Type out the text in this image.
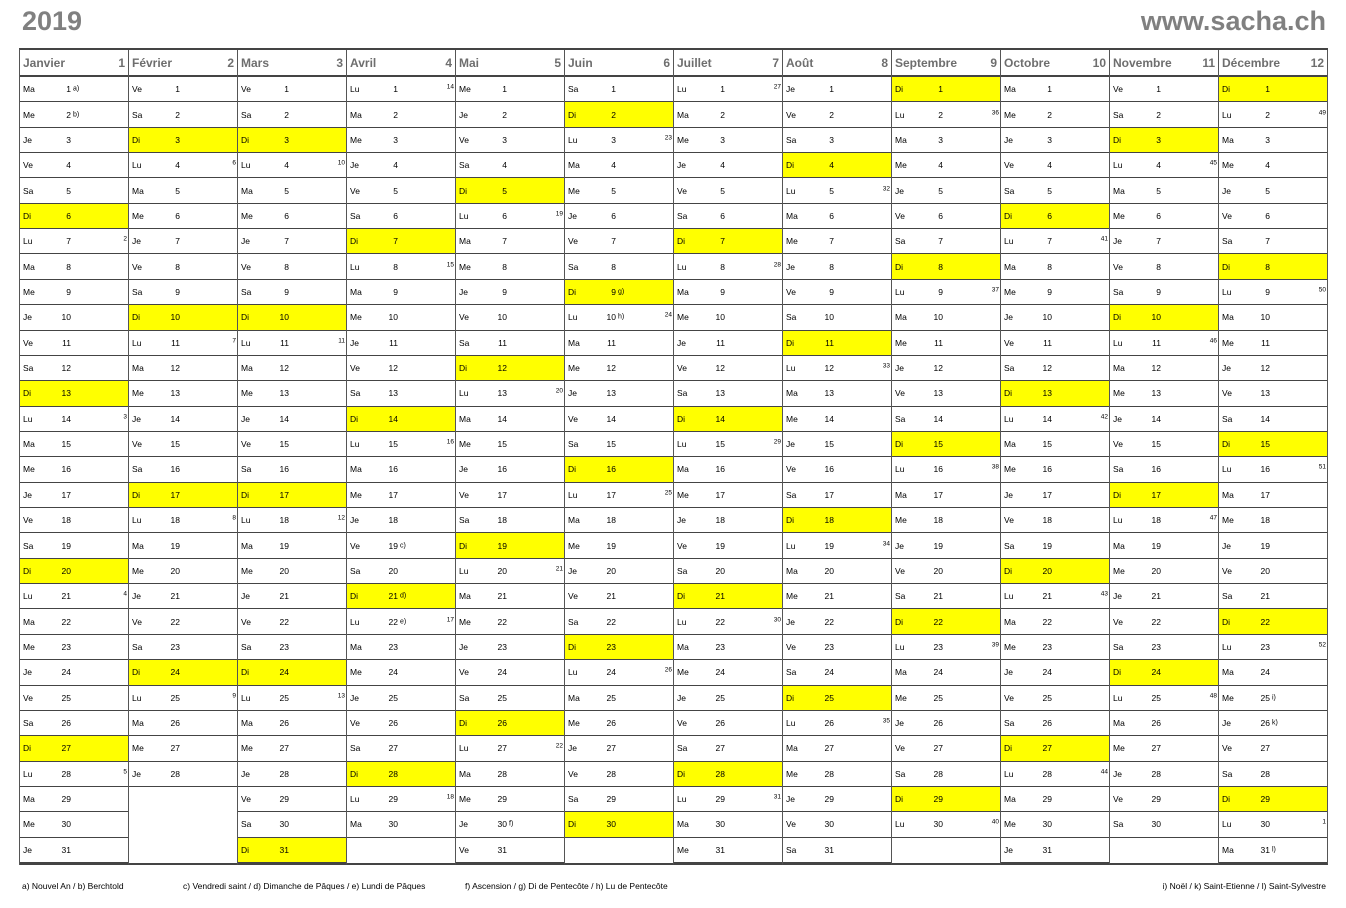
2019	www.sacha.ch
Janvier	1
Ma	1 a)
Me	2 b)
Je	3
Ve	4
Sa	5
Di	6
Lu	7	2
Ma	8
Me	9
Je	10
Ve	11
Sa	12
Di	13
Lu	14	3
Ma	15
Me	16
Je	17
Ve	18
Sa	19
Di	20
Lu	21	4
Ma	22
Me	23
Je	24
Ve	25
Sa	26
Di	27
Lu	28	5
Ma	29
Me	30
Je	31
Février	2
Ve	1
Sa	2
Di	3
Lu	4	6
Ma	5
Me	6
Je	7
Ve	8
Sa	9
Di	10
Lu	11	7
Ma	12
Me	13
Je	14
Ve	15
Sa	16
Di	17
Lu	18	8
Ma	19
Me	20
Je	21
Ve	22
Sa	23
Di	24
Lu	25	9
Ma	26
Me	27
Je	28
Mars	3
Ve	1
Sa	2
Di	3
Lu	4	10
Ma	5
Me	6
Je	7
Ve	8
Sa	9
Di	10
Lu	11	11
Ma	12
Me	13
Je	14
Ve	15
Sa	16
Di	17
Lu	18	12
Ma	19
Me	20
Je	21
Ve	22
Sa	23
Di	24
Lu	25	13
Ma	26
Me	27
Je	28
Ve	29
Sa	30
Di	31
Avril	4
Lu	1	14
Ma	2
Me	3
Je	4
Ve	5
Sa	6
Di	7
Lu	8	15
Ma	9
Me	10
Je	11
Ve	12
Sa	13
Di	14
Lu	15	16
Ma	16
Me	17
Je	18
Ve	19 c)
Sa	20
Di	21 d)
Lu	22 e)	17
Ma	23
Me	24
Je	25
Ve	26
Sa	27
Di	28
Lu	29	18
Ma	30
Mai	5
Me	1
Je	2
Ve	3
Sa	4
Di	5
Lu	6	19
Ma	7
Me	8
Je	9
Ve	10
Sa	11
Di	12
Lu	13	20
Ma	14
Me	15
Je	16
Ve	17
Sa	18
Di	19
Lu	20	21
Ma	21
Me	22
Je	23
Ve	24
Sa	25
Di	26
Lu	27	22
Ma	28
Me	29
Je	30 f)
Ve	31
Juin	6
Sa	1
Di	2
Lu	3	23
Ma	4
Me	5
Je	6
Ve	7
Sa	8
Di	9 g)
Lu	10 h)	24
Ma	11
Me	12
Je	13
Ve	14
Sa	15
Di	16
Lu	17	25
Ma	18
Me	19
Je	20
Ve	21
Sa	22
Di	23
Lu	24	26
Ma	25
Me	26
Je	27
Ve	28
Sa	29
Di	30
Juillet	7
Lu	1	27
Ma	2
Me	3
Je	4
Ve	5
Sa	6
Di	7
Lu	8	28
Ma	9
Me	10
Je	11
Ve	12
Sa	13
Di	14
Lu	15	29
Ma	16
Me	17
Je	18
Ve	19
Sa	20
Di	21
Lu	22	30
Ma	23
Me	24
Je	25
Ve	26
Sa	27
Di	28
Lu	29	31
Ma	30
Me	31
Août	8
Je	1
Ve	2
Sa	3
Di	4
Lu	5	32
Ma	6
Me	7
Je	8
Ve	9
Sa	10
Di	11
Lu	12	33
Ma	13
Me	14
Je	15
Ve	16
Sa	17
Di	18
Lu	19	34
Ma	20
Me	21
Je	22
Ve	23
Sa	24
Di	25
Lu	26	35
Ma	27
Me	28
Je	29
Ve	30
Sa	31
Septembre	9
Di	1
Lu	2	36
Ma	3
Me	4
Je	5
Ve	6
Sa	7
Di	8
Lu	9	37
Ma	10
Me	11
Je	12
Ve	13
Sa	14
Di	15
Lu	16	38
Ma	17
Me	18
Je	19
Ve	20
Sa	21
Di	22
Lu	23	39
Ma	24
Me	25
Je	26
Ve	27
Sa	28
Di	29
Lu	30	40
Octobre	10
Ma	1
Me	2
Je	3
Ve	4
Sa	5
Di	6
Lu	7	41
Ma	8
Me	9
Je	10
Ve	11
Sa	12
Di	13
Lu	14	42
Ma	15
Me	16
Je	17
Ve	18
Sa	19
Di	20
Lu	21	43
Ma	22
Me	23
Je	24
Ve	25
Sa	26
Di	27
Lu	28	44
Ma	29
Me	30
Je	31
Novembre	11
Ve	1
Sa	2
Di	3
Lu	4	45
Ma	5
Me	6
Je	7
Ve	8
Sa	9
Di	10
Lu	11	46
Ma	12
Me	13
Je	14
Ve	15
Sa	16
Di	17
Lu	18	47
Ma	19
Me	20
Je	21
Ve	22
Sa	23
Di	24
Lu	25	48
Ma	26
Me	27
Je	28
Ve	29
Sa	30
Décembre	12
Di	1
Lu	2	49
Ma	3
Me	4
Je	5
Ve	6
Sa	7
Di	8
Lu	9	50
Ma	10
Me	11
Je	12
Ve	13
Sa	14
Di	15
Lu	16	51
Ma	17
Me	18
Je	19
Ve	20
Sa	21
Di	22
Lu	23	52
Ma	24
Me	25 i)
Je	26 k)
Ve	27
Sa	28
Di	29
Lu	30	1
Ma	31 l)
a) Nouvel An / b) Berchtold	c) Vendredi saint / d) Dimanche de Pâques / e) Lundi de Pâques	f) Ascension / g) Di de Pentecôte / h) Lu de Pentecôte	i) Noël / k) Saint-Etienne / l) Saint-Sylvestre
